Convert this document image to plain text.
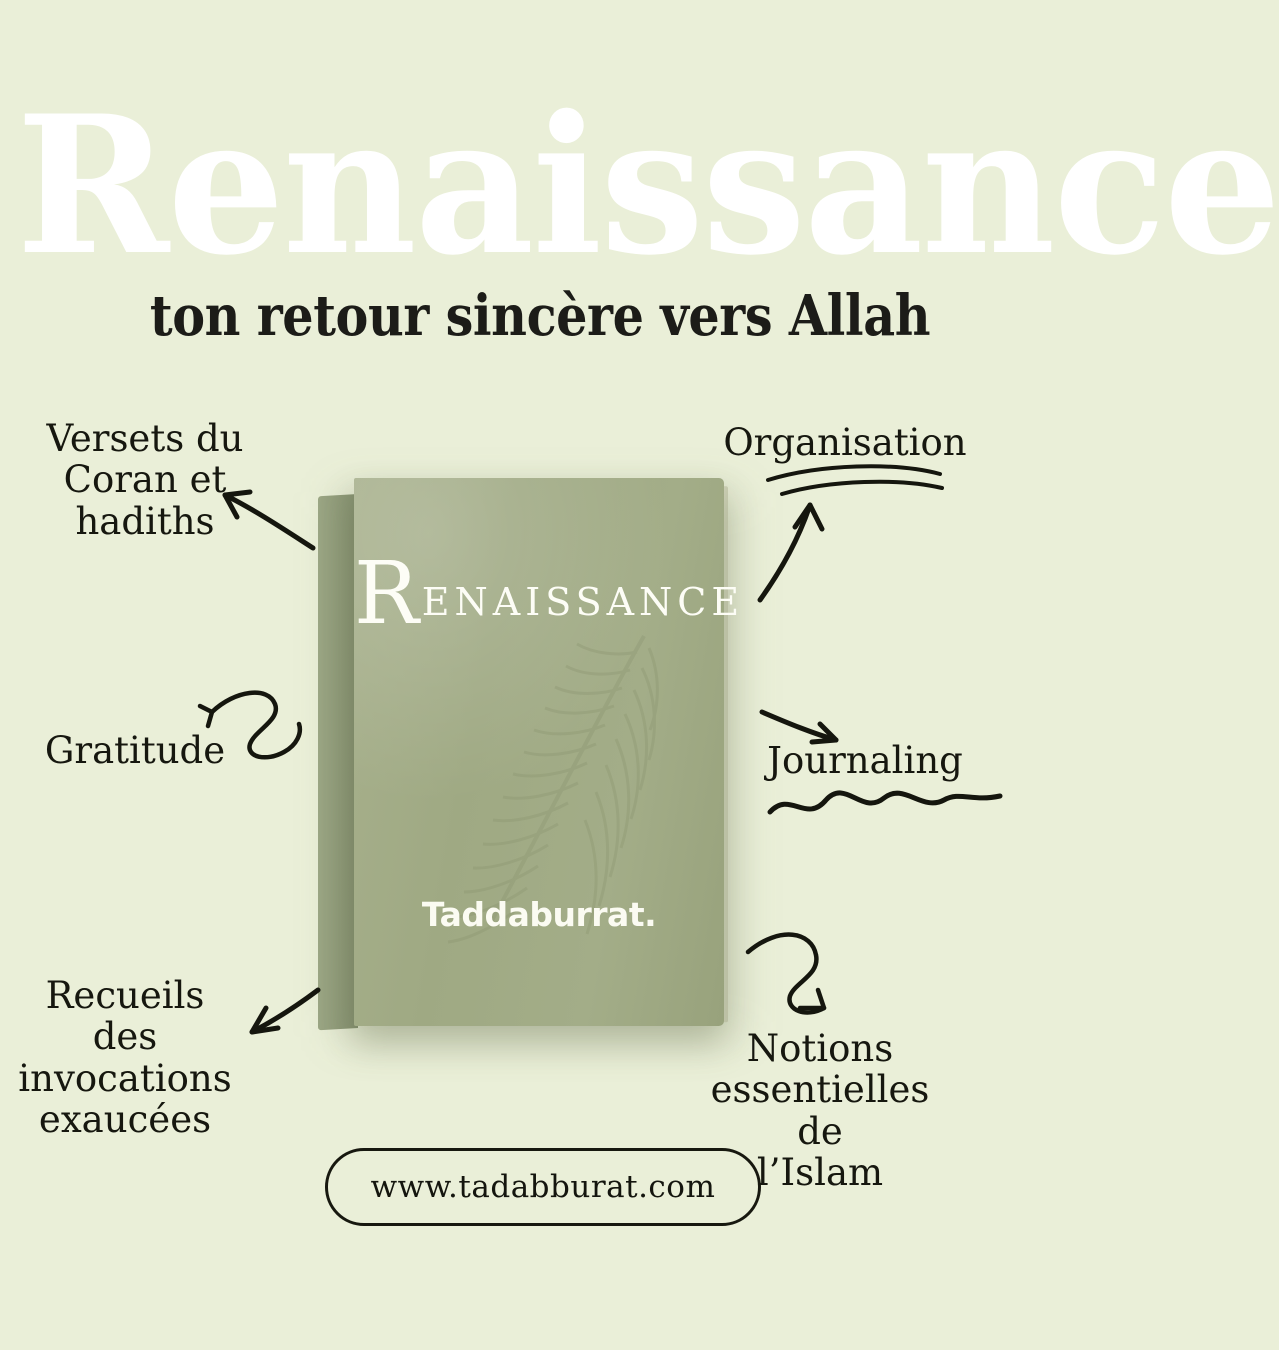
Renaissance
ton retour sincère vers Allah
RENAISSANCE
Taddaburrat.
Versets du
Coran et
hadiths
Gratitude
Recueils des
invocations
exaucées
Organisation
Journaling
Notions
essentielles de
l’Islam
www.tadabburat.com
